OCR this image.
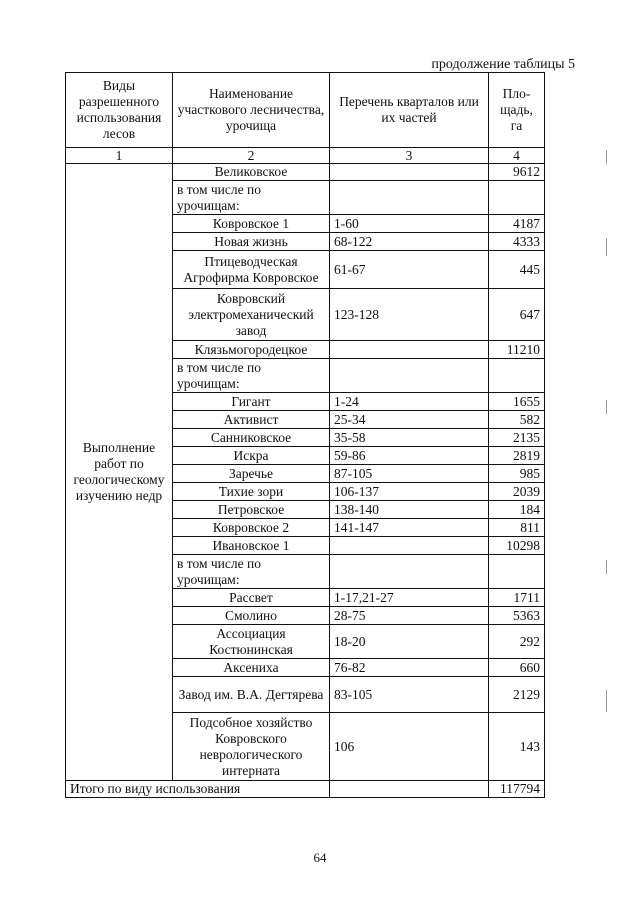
продолжение таблицы 5
Виды разрешенного использования лесов	Наименование участкового лесничества, урочища	Перечень кварталов или их частей	Пло-щадь, га
1	2	3	4
Выполнение работ по геологическому изучению недр	Великовское		9612
	в том числе по урочищам:		
	Ковровское 1	1-60	4187
	Новая жизнь	68-122	4333
	Птицеводческая Агрофирма Ковровское	61-67	445
	Ковровский электромеханический завод	123-128	647
	Клязьмогородецкое		11210
	в том числе по урочищам:		
	Гигант	1-24	1655
	Активист	25-34	582
	Санниковское	35-58	2135
	Искра	59-86	2819
	Заречье	87-105	985
	Тихие зори	106-137	2039
	Петровское	138-140	184
	Ковровское 2	141-147	811
	Ивановское 1		10298
	в том числе по урочищам:		
	Рассвет	1-17,21-27	1711
	Смолино	28-75	5363
	Ассоциация Костюнинская	18-20	292
	Аксениха	76-82	660
	Завод им. В.А. Дегтярева	83-105	2129
	Подсобное хозяйство Ковровского неврологического интерната	106	143
Итого по виду использования			117794
64
